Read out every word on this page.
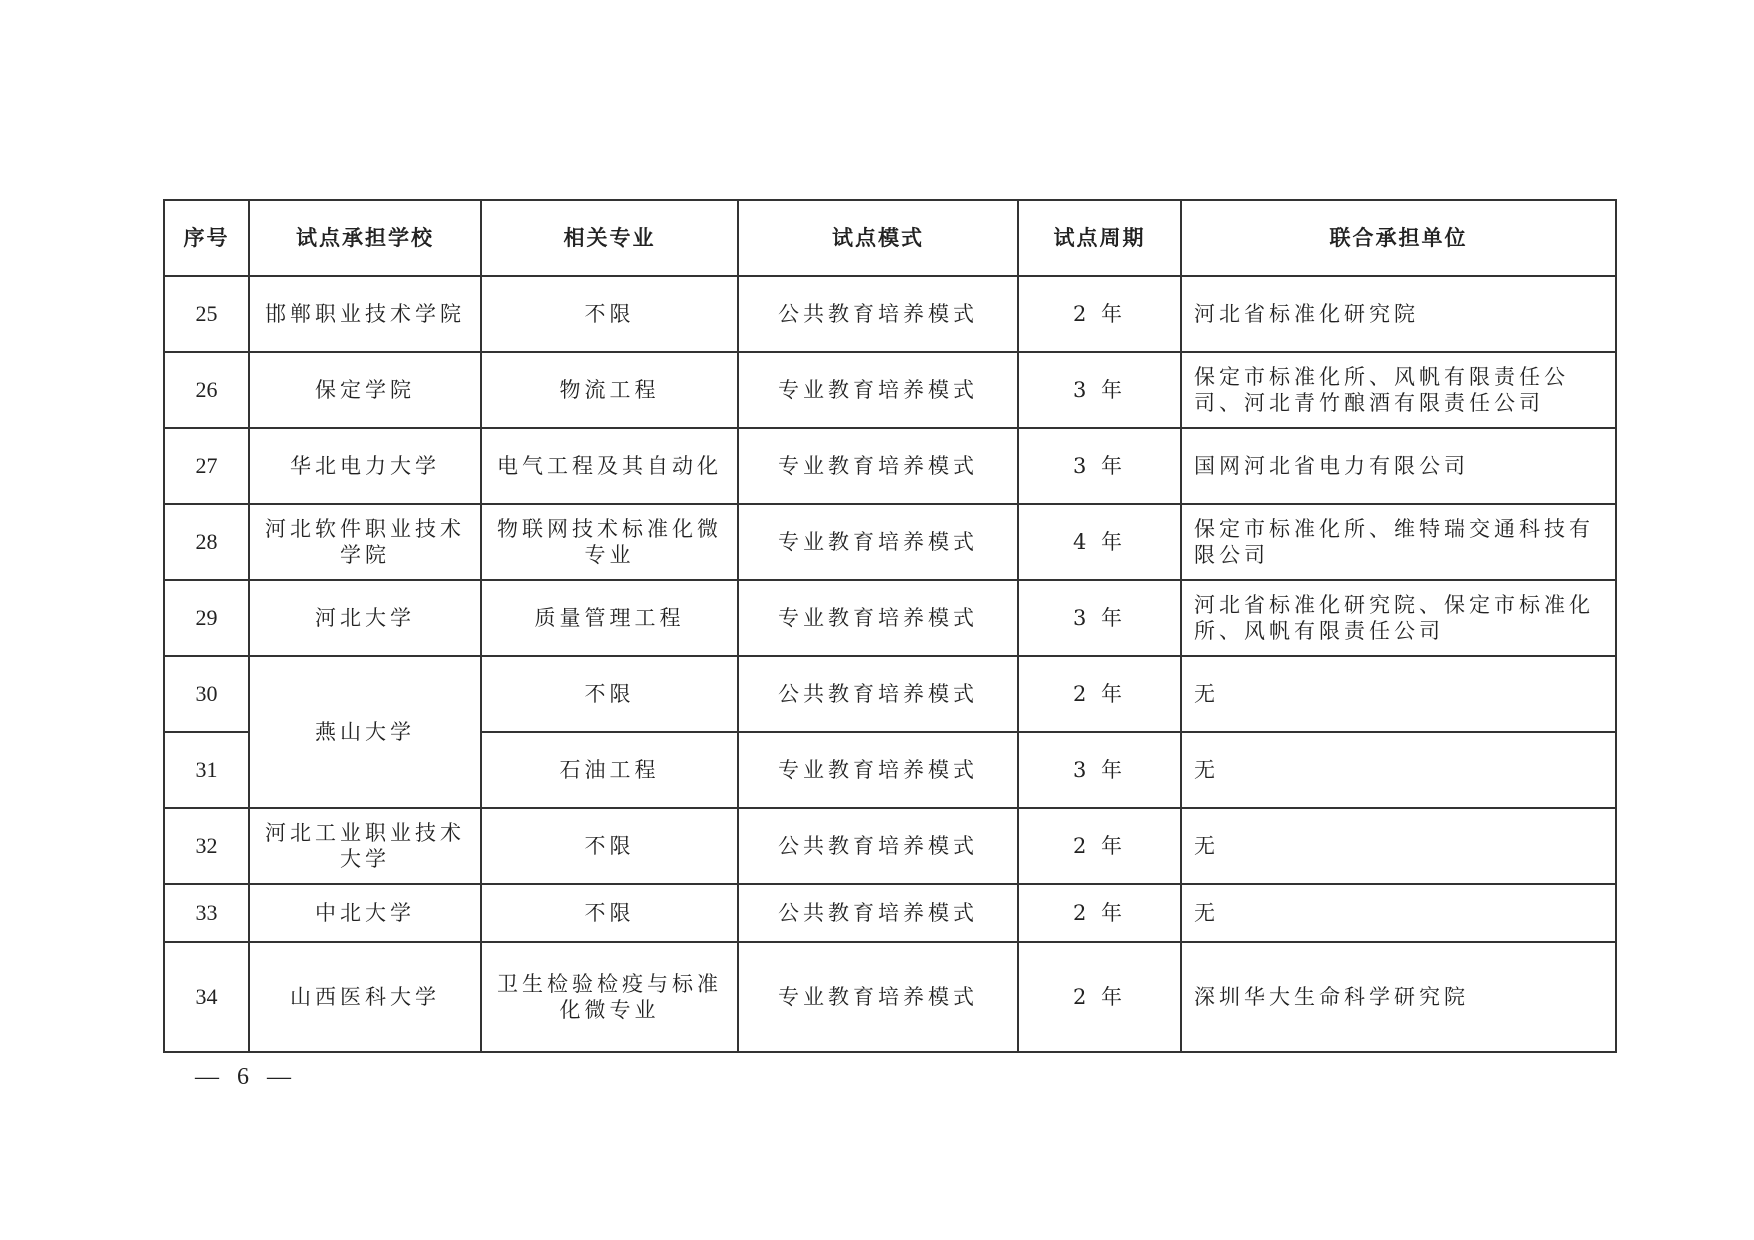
序号	试点承担学校	相关专业	试点模式	试点周期	联合承担单位
25	邯郸职业技术学院	不限	公共教育培养模式	2 年	河北省标准化研究院
26	保定学院	物流工程	专业教育培养模式	3 年	保定市标准化所、风帆有限责任公司、河北青竹酿酒有限责任公司
27	华北电力大学	电气工程及其自动化	专业教育培养模式	3 年	国网河北省电力有限公司
28	河北软件职业技术学院	物联网技术标准化微专业	专业教育培养模式	4 年	保定市标准化所、维特瑞交通科技有限公司
29	河北大学	质量管理工程	专业教育培养模式	3 年	河北省标准化研究院、保定市标准化所、风帆有限责任公司
30	燕山大学	不限	公共教育培养模式	2 年	无
31		石油工程	专业教育培养模式	3 年	无
32	河北工业职业技术大学	不限	公共教育培养模式	2 年	无
33	中北大学	不限	公共教育培养模式	2 年	无
34	山西医科大学	卫生检验检疫与标准化微专业	专业教育培养模式	2 年	深圳华大生命科学研究院
— 6 —
